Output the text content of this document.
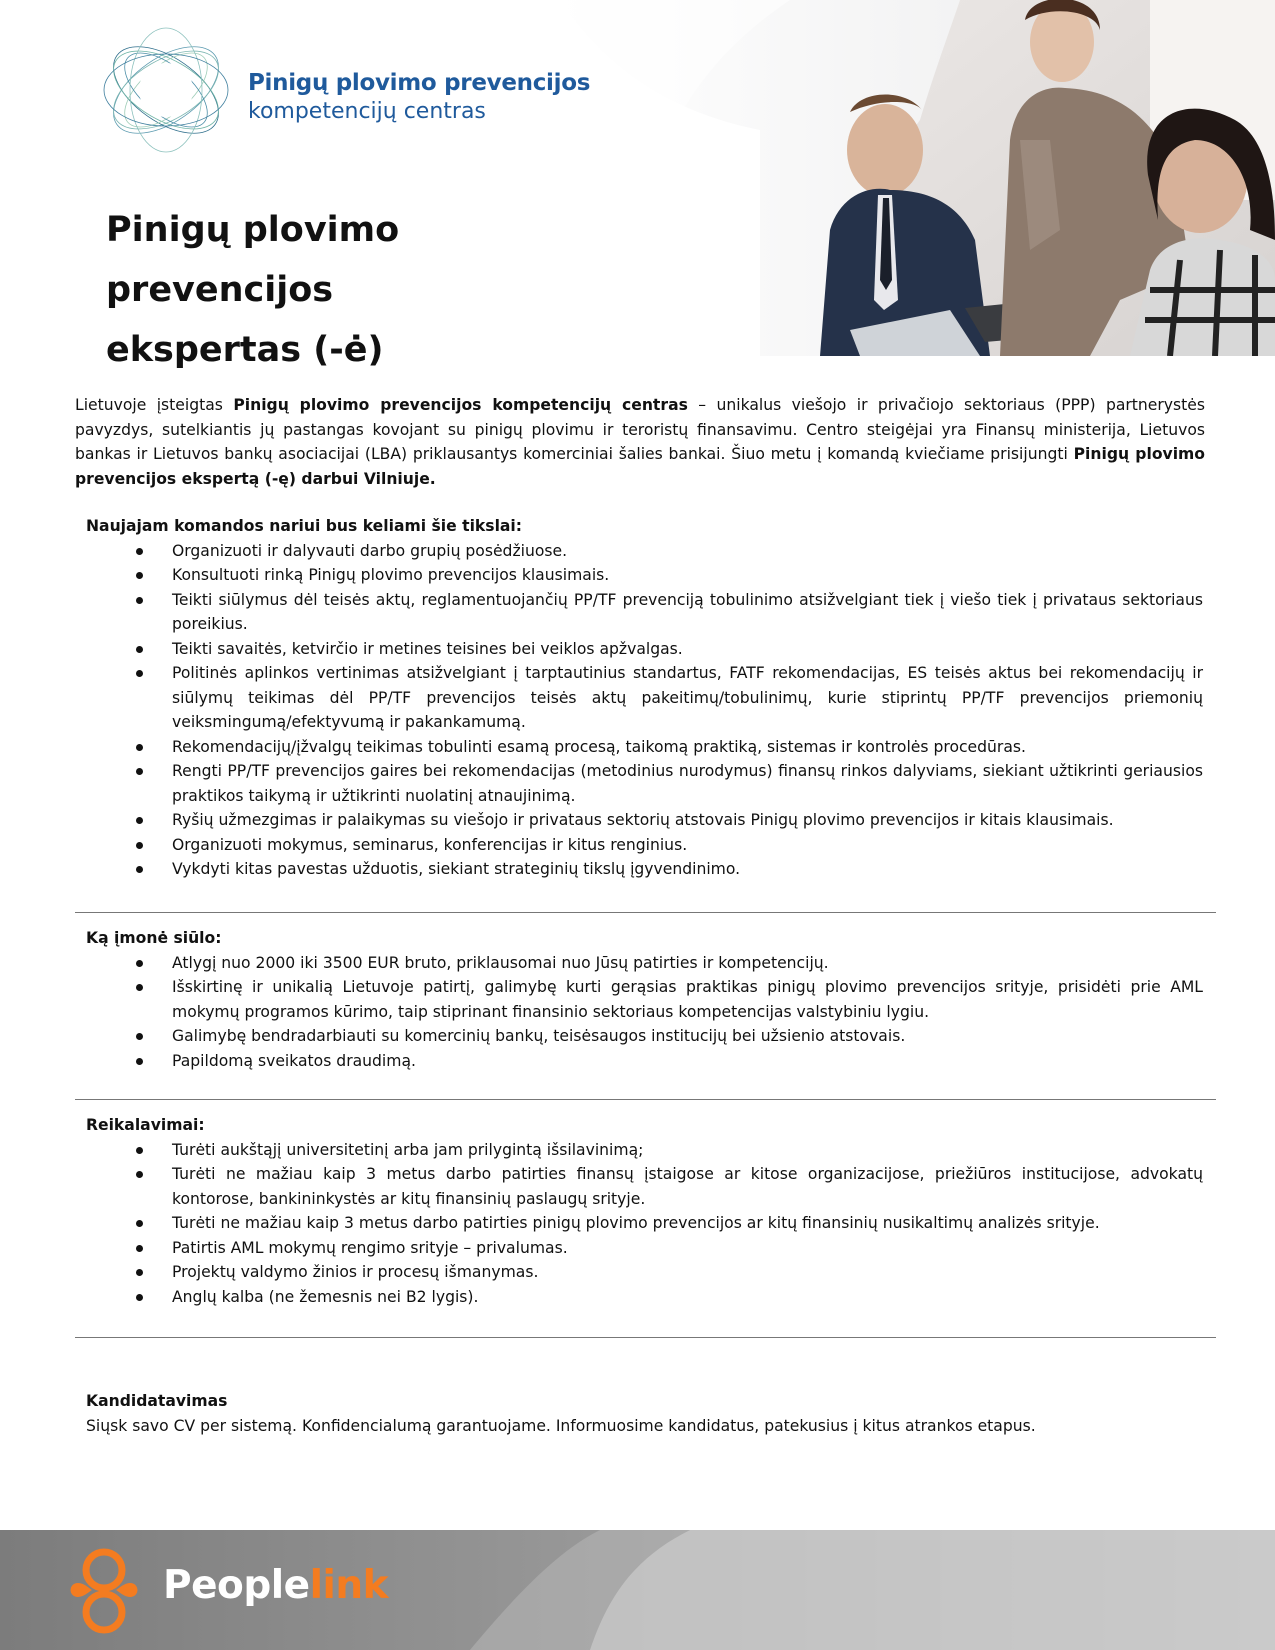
Pinigų plovimo prevencijos
kompetencijų centras
Pinigų plovimo prevencijos
ekspertas (-ė)

Lietuvoje įsteigtas Pinigų plovimo prevencijos kompetencijų centras – unikalus viešojo ir privačiojo sektoriaus (PPP) partnerystės pavyzdys, sutelkiantis jų pastangas kovojant su pinigų plovimu ir teroristų finansavimu. Centro steigėjai yra Finansų ministerija, Lietuvos bankas ir Lietuvos bankų asociacijai (LBA) priklausantys komerciniai šalies bankai. Šiuo metu į komandą kviečiame prisijungti Pinigų plovimo prevencijos ekspertą (-ę) darbui Vilniuje.

Naujajam komandos nariui bus keliami šie tikslai:

Organizuoti ir dalyvauti darbo grupių posėdžiuose.
Konsultuoti rinką Pinigų plovimo prevencijos klausimais.
Teikti siūlymus dėl teisės aktų, reglamentuojančių PP/TF prevenciją tobulinimo atsižvelgiant tiek į viešo tiek į privataus sektoriaus poreikius.
Teikti savaitės, ketvirčio ir metines teisines bei veiklos apžvalgas.
Politinės aplinkos vertinimas atsižvelgiant į tarptautinius standartus, FATF rekomendacijas, ES teisės aktus bei rekomendacijų ir siūlymų teikimas dėl PP/TF prevencijos teisės aktų pakeitimų/tobulinimų, kurie stiprintų PP/TF prevencijos priemonių veiksmingumą/efektyvumą ir pakankamumą.
Rekomendacijų/įžvalgų teikimas tobulinti esamą procesą, taikomą praktiką, sistemas ir kontrolės procedūras.
Rengti PP/TF prevencijos gaires bei rekomendacijas (metodinius nurodymus) finansų rinkos dalyviams, siekiant užtikrinti geriausios praktikos taikymą ir užtikrinti nuolatinį atnaujinimą.
Ryšių užmezgimas ir palaikymas su viešojo ir privataus sektorių atstovais Pinigų plovimo prevencijos ir kitais klausimais.
Organizuoti mokymus, seminarus, konferencijas ir kitus renginius.
Vykdyti kitas pavestas užduotis, siekiant strateginių tikslų įgyvendinimo.

Ką įmonė siūlo:

Atlygį nuo 2000 iki 3500 EUR bruto, priklausomai nuo Jūsų patirties ir kompetencijų.
Išskirtinę ir unikalią Lietuvoje patirtį, galimybę kurti gerąsias praktikas pinigų plovimo prevencijos srityje, prisidėti prie AML mokymų programos kūrimo, taip stiprinant finansinio sektoriaus kompetencijas valstybiniu lygiu.
Galimybę bendradarbiauti su komercinių bankų, teisėsaugos institucijų bei užsienio atstovais.
Papildomą sveikatos draudimą.

Reikalavimai:

Turėti aukštąjį universitetinį arba jam prilygintą išsilavinimą;
Turėti ne mažiau kaip 3 metus darbo patirties finansų įstaigose ar kitose organizacijose, priežiūros institucijose, advokatų kontorose, bankininkystės ar kitų finansinių paslaugų srityje.
Turėti ne mažiau kaip 3 metus darbo patirties pinigų plovimo prevencijos ar kitų finansinių nusikaltimų analizės srityje.
Patirtis AML mokymų rengimo srityje – privalumas.
Projektų valdymo žinios ir procesų išmanymas.
Anglų kalba (ne žemesnis nei B2 lygis).

Kandidatavimas

Siųsk savo CV per sistemą. Konfidencialumą garantuojame. Informuosime kandidatus, patekusius į kitus atrankos etapus.

Peoplelink
